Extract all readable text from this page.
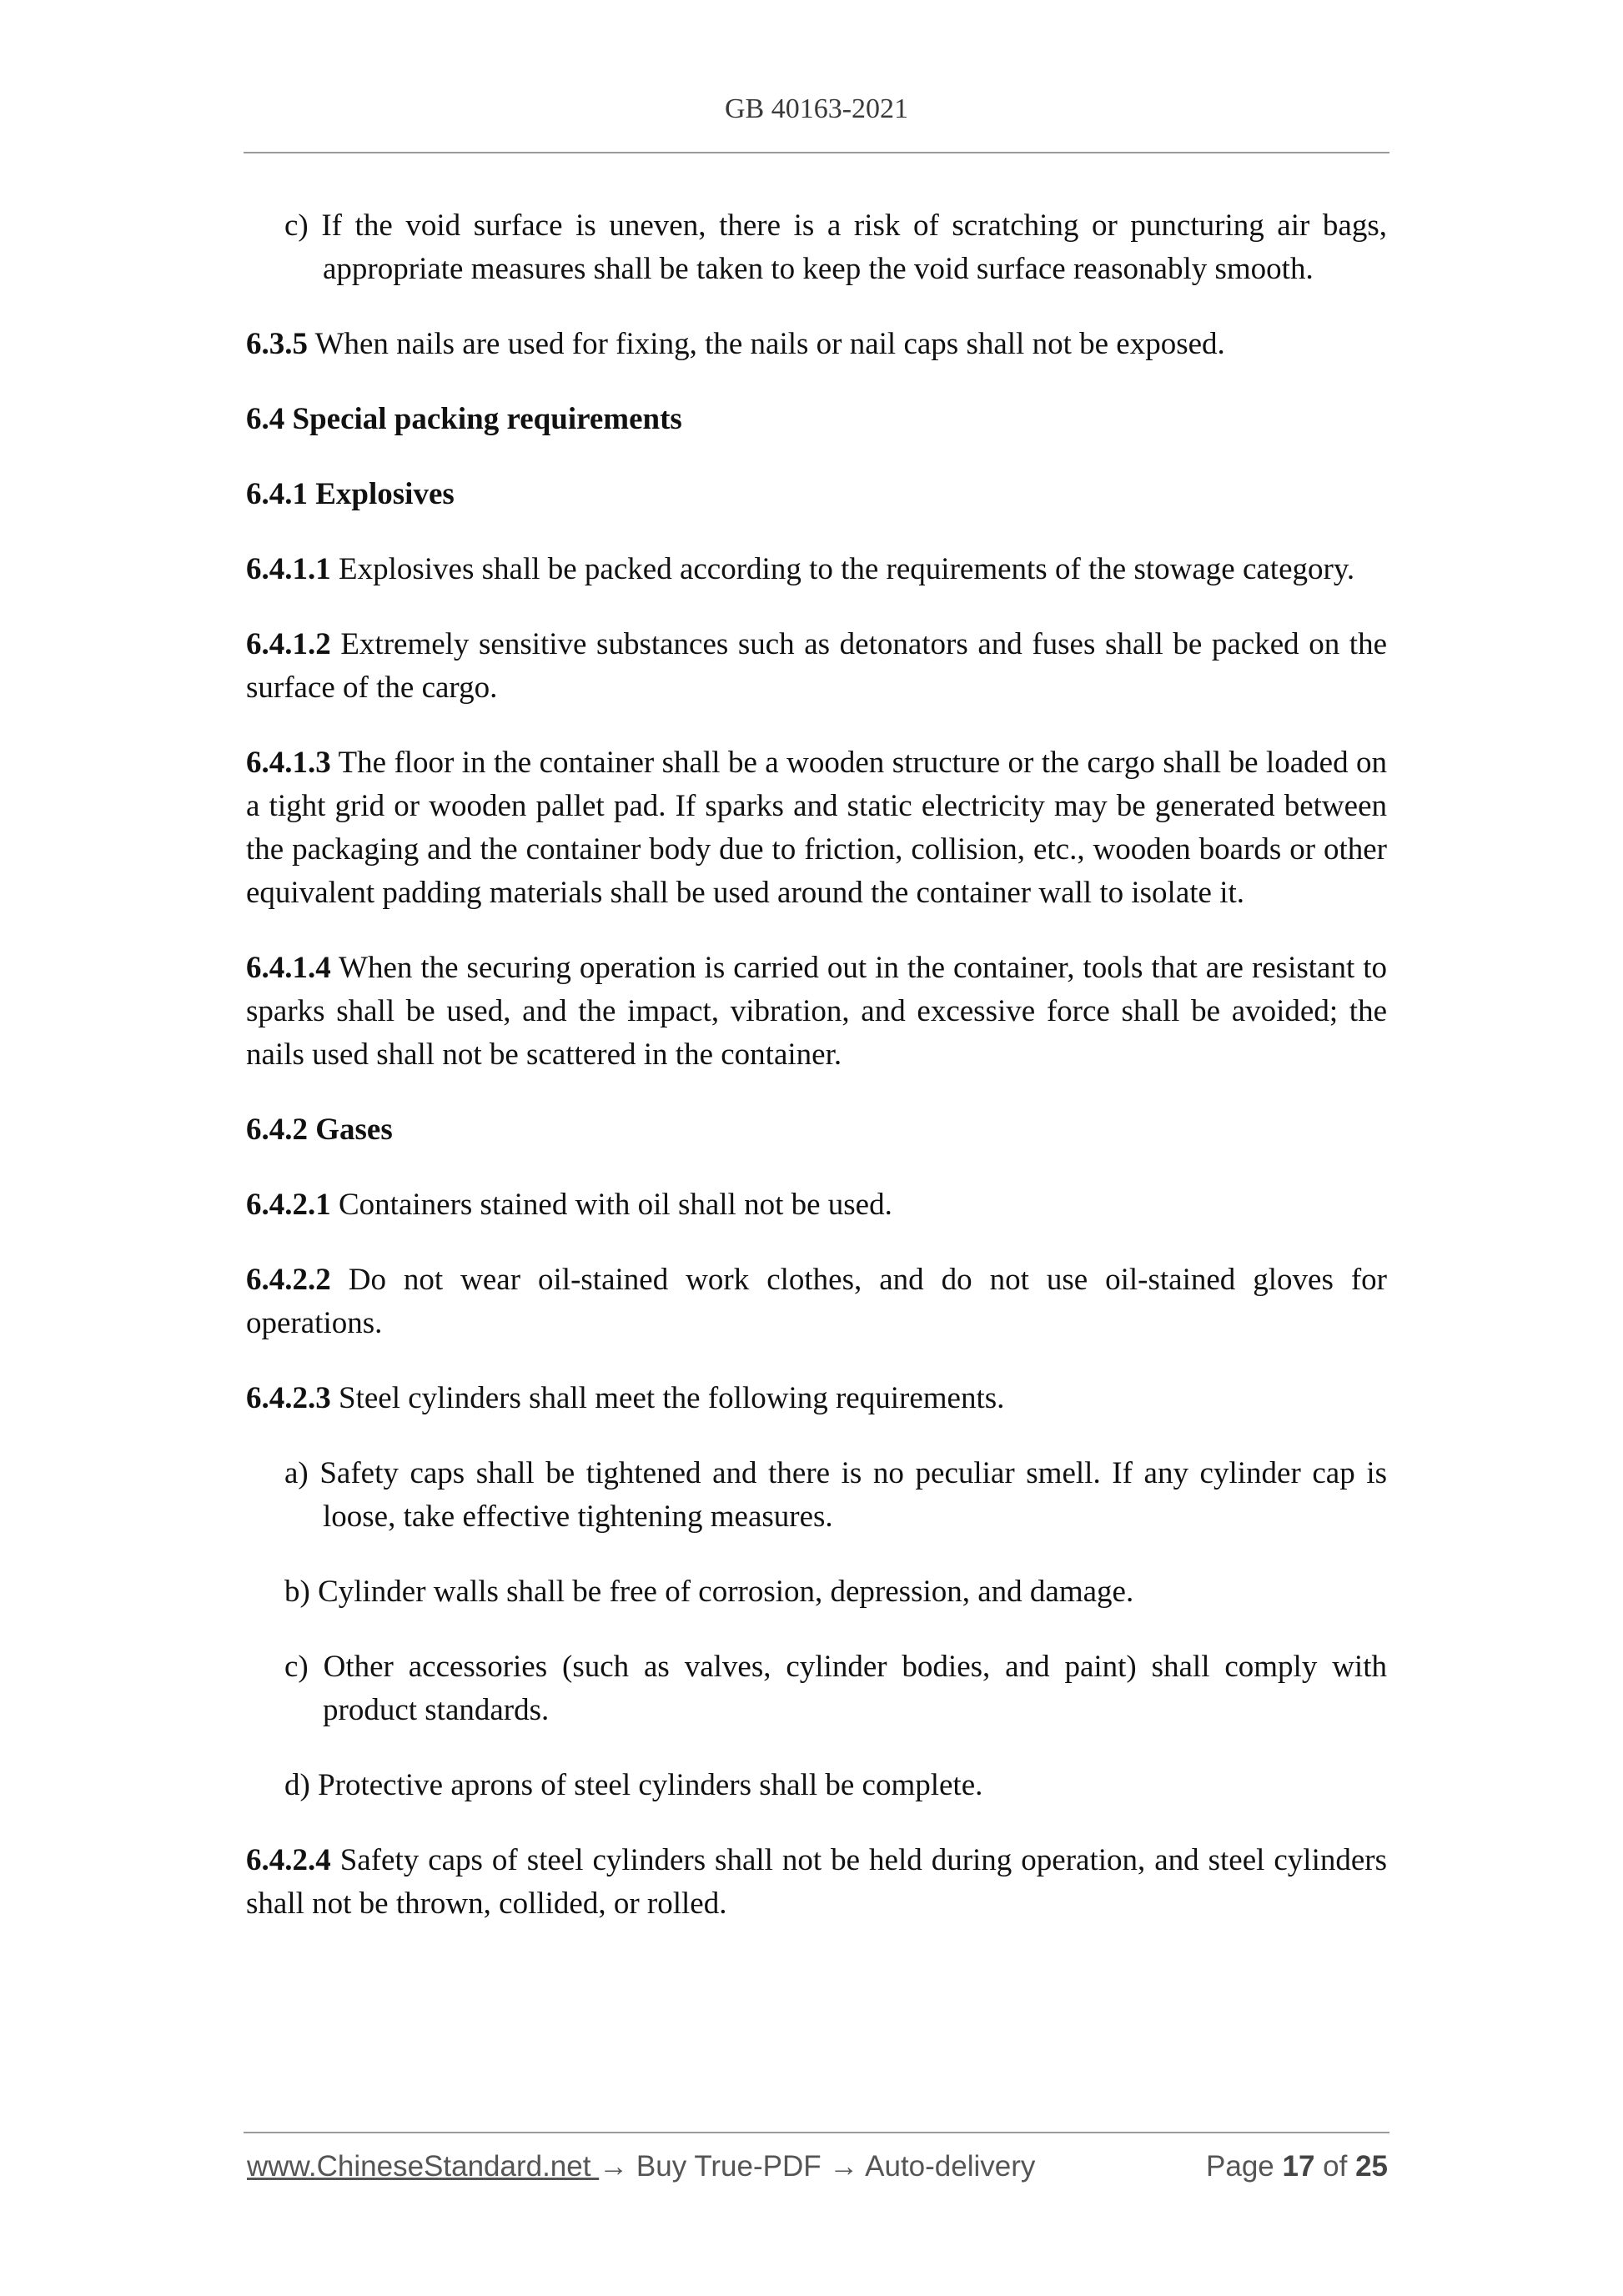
GB 40163-2021

c) If the void surface is uneven, there is a risk of scratching or puncturing air bags, appropriate measures shall be taken to keep the void surface reasonably smooth.

6.3.5 When nails are used for fixing, the nails or nail caps shall not be exposed.

6.4 Special packing requirements

6.4.1 Explosives

6.4.1.1 Explosives shall be packed according to the requirements of the stowage category.

6.4.1.2 Extremely sensitive substances such as detonators and fuses shall be packed on the surface of the cargo.

6.4.1.3 The floor in the container shall be a wooden structure or the cargo shall be loaded on a tight grid or wooden pallet pad. If sparks and static electricity may be generated between the packaging and the container body due to friction, collision, etc., wooden boards or other equivalent padding materials shall be used around the container wall to isolate it.

6.4.1.4 When the securing operation is carried out in the container, tools that are resistant to sparks shall be used, and the impact, vibration, and excessive force shall be avoided; the nails used shall not be scattered in the container.

6.4.2 Gases

6.4.2.1 Containers stained with oil shall not be used.

6.4.2.2 Do not wear oil-stained work clothes, and do not use oil-stained gloves for operations.

6.4.2.3 Steel cylinders shall meet the following requirements.

a) Safety caps shall be tightened and there is no peculiar smell. If any cylinder cap is loose, take effective tightening measures.

b) Cylinder walls shall be free of corrosion, depression, and damage.

c) Other accessories (such as valves, cylinder bodies, and paint) shall comply with product standards.

d) Protective aprons of steel cylinders shall be complete.

6.4.2.4 Safety caps of steel cylinders shall not be held during operation, and steel cylinders shall not be thrown, collided, or rolled.

www.ChineseStandard.net → Buy True-PDF → Auto-delivery	Page 17 of 25
